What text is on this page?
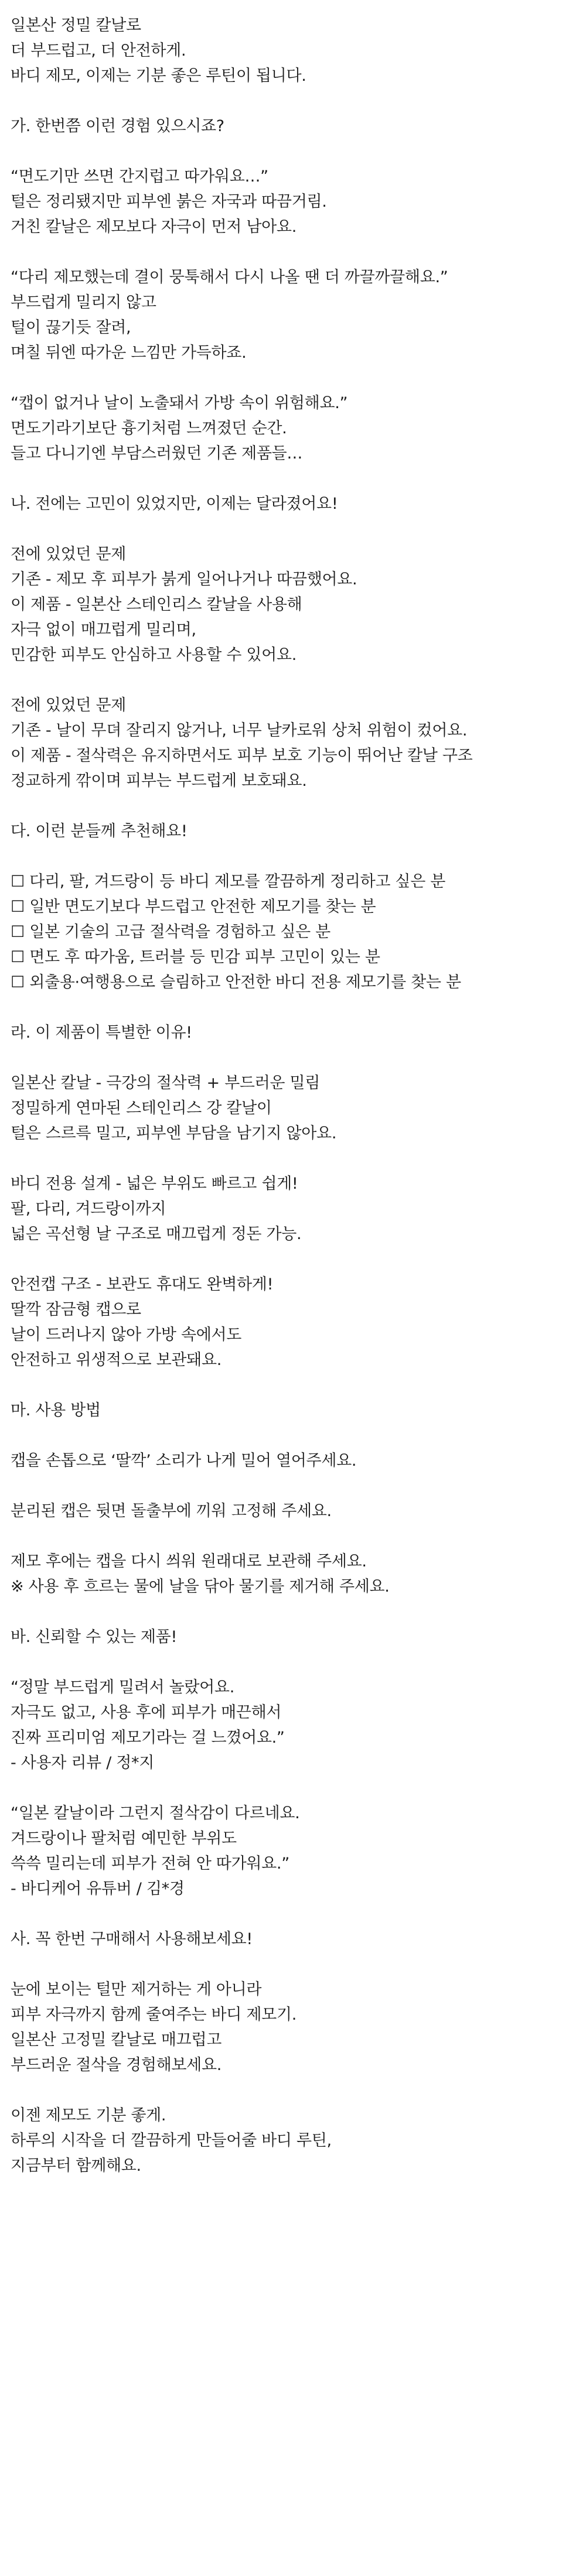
일본산 정밀 칼날로
더 부드럽고, 더 안전하게.
바디 제모, 이제는 기분 좋은 루틴이 됩니다.
가. 한번쯤 이런 경험 있으시죠?
“면도기만 쓰면 간지럽고 따가워요…”
털은 정리됐지만 피부엔 붉은 자국과 따끔거림.
거친 칼날은 제모보다 자극이 먼저 남아요.
“다리 제모했는데 결이 뭉툭해서 다시 나올 땐 더 까끌까끌해요.”
부드럽게 밀리지 않고
털이 끊기듯 잘려,
며칠 뒤엔 따가운 느낌만 가득하죠.
“캡이 없거나 날이 노출돼서 가방 속이 위험해요.”
면도기라기보단 흉기처럼 느껴졌던 순간.
들고 다니기엔 부담스러웠던 기존 제품들…
나. 전에는 고민이 있었지만, 이제는 달라졌어요!
전에 있었던 문제
기존 - 제모 후 피부가 붉게 일어나거나 따끔했어요.
이 제품 - 일본산 스테인리스 칼날을 사용해
자극 없이 매끄럽게 밀리며,
민감한 피부도 안심하고 사용할 수 있어요.
전에 있었던 문제
기존 - 날이 무뎌 잘리지 않거나, 너무 날카로워 상처 위험이 컸어요.
이 제품 - 절삭력은 유지하면서도 피부 보호 기능이 뛰어난 칼날 구조
정교하게 깎이며 피부는 부드럽게 보호돼요.
다. 이런 분들께 추천해요!
☐ 다리, 팔, 겨드랑이 등 바디 제모를 깔끔하게 정리하고 싶은 분
☐ 일반 면도기보다 부드럽고 안전한 제모기를 찾는 분
☐ 일본 기술의 고급 절삭력을 경험하고 싶은 분
☐ 면도 후 따가움, 트러블 등 민감 피부 고민이 있는 분
☐ 외출용·여행용으로 슬림하고 안전한 바디 전용 제모기를 찾는 분
라. 이 제품이 특별한 이유!
일본산 칼날 - 극강의 절삭력 + 부드러운 밀림
정밀하게 연마된 스테인리스 강 칼날이
털은 스르륵 밀고, 피부엔 부담을 남기지 않아요.
바디 전용 설계 - 넓은 부위도 빠르고 쉽게!
팔, 다리, 겨드랑이까지
넓은 곡선형 날 구조로 매끄럽게 정돈 가능.
안전캡 구조 - 보관도 휴대도 완벽하게!
딸깍 잠금형 캡으로
날이 드러나지 않아 가방 속에서도
안전하고 위생적으로 보관돼요.
마. 사용 방법
캡을 손톱으로 ‘딸깍’ 소리가 나게 밀어 열어주세요.
분리된 캡은 뒷면 돌출부에 끼워 고정해 주세요.
제모 후에는 캡을 다시 씌워 원래대로 보관해 주세요.
※ 사용 후 흐르는 물에 날을 닦아 물기를 제거해 주세요.
바. 신뢰할 수 있는 제품!
“정말 부드럽게 밀려서 놀랐어요.
자극도 없고, 사용 후에 피부가 매끈해서
진짜 프리미엄 제모기라는 걸 느꼈어요.”
- 사용자 리뷰 / 정*지
“일본 칼날이라 그런지 절삭감이 다르네요.
겨드랑이나 팔처럼 예민한 부위도
쓱쓱 밀리는데 피부가 전혀 안 따가워요.”
- 바디케어 유튜버 / 김*경
사. 꼭 한번 구매해서 사용해보세요!
눈에 보이는 털만 제거하는 게 아니라
피부 자극까지 함께 줄여주는 바디 제모기.
일본산 고정밀 칼날로 매끄럽고
부드러운 절삭을 경험해보세요.
이젠 제모도 기분 좋게.
하루의 시작을 더 깔끔하게 만들어줄 바디 루틴,
지금부터 함께해요.
